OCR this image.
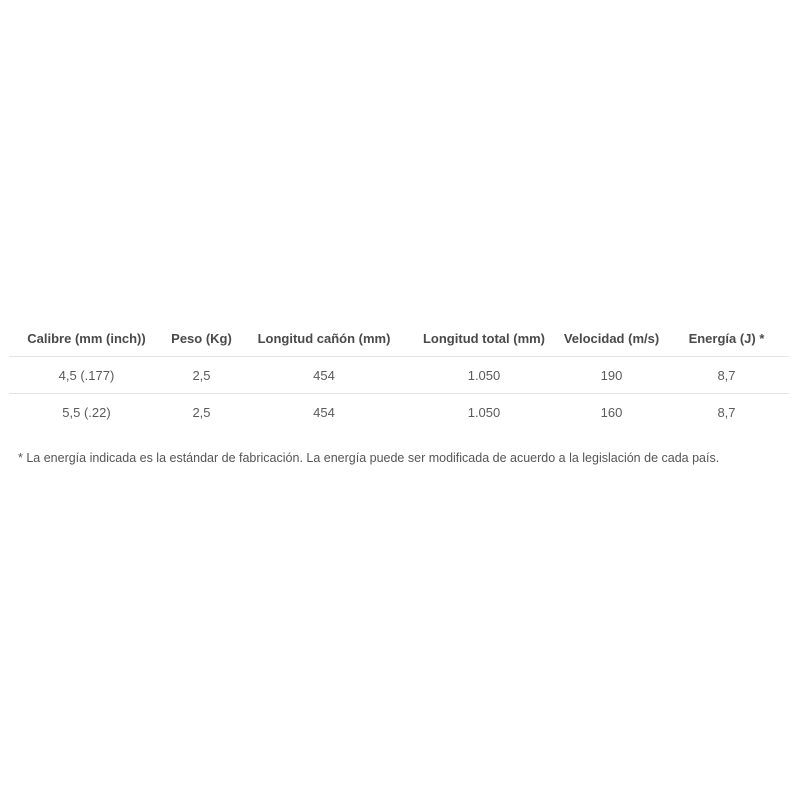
Calibre (mm (inch))	Peso (Kg)	Longitud cañón (mm)	Longitud total (mm)	Velocidad (m/s)	Energía (J) *
4,5 (.177)	2,5	454	1.050	190	8,7
5,5 (.22)	2,5	454	1.050	160	8,7
* La energía indicada es la estándar de fabricación. La energía puede ser modificada de acuerdo a la legislación de cada país.
